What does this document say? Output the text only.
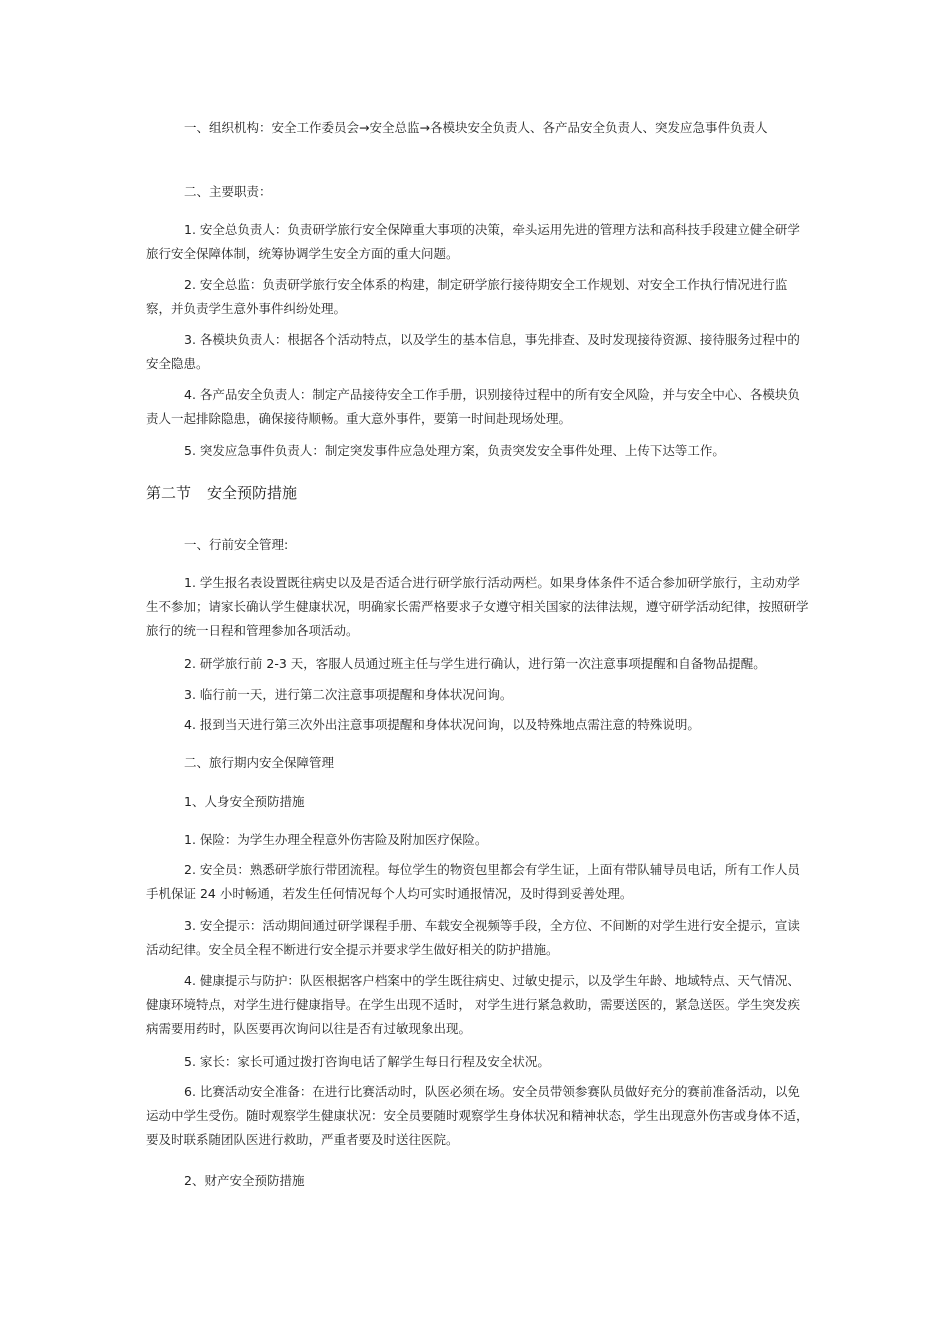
一、组织机构：安全工作委员会→安全总监→各模块安全负责人、各产品安全负责人、突发应急事件负责人

二、主要职责：

1. 安全总负责人：负责研学旅行安全保障重大事项的决策，牵头运用先进的管理方法和高科技手段建立健全研学旅行安全保障体制，统筹协调学生安全方面的重大问题。

2. 安全总监：负责研学旅行安全体系的构建，制定研学旅行接待期安全工作规划、对安全工作执行情况进行监察，并负责学生意外事件纠纷处理。

3. 各模块负责人：根据各个活动特点，以及学生的基本信息，事先排查、及时发现接待资源、接待服务过程中的安全隐患。

4. 各产品安全负责人：制定产品接待安全工作手册，识别接待过程中的所有安全风险，并与安全中心、各模块负责人一起排除隐患，确保接待顺畅。重大意外事件，要第一时间赴现场处理。

5. 突发应急事件负责人：制定突发事件应急处理方案，负责突发安全事件处理、上传下达等工作。

第二节 安全预防措施

一、行前安全管理:

1. 学生报名表设置既往病史以及是否适合进行研学旅行活动两栏。如果身体条件不适合参加研学旅行，主动劝学生不参加；请家长确认学生健康状况，明确家长需严格要求子女遵守相关国家的法律法规，遵守研学活动纪律，按照研学旅行的统一日程和管理参加各项活动。

2. 研学旅行前 2-3 天，客服人员通过班主任与学生进行确认，进行第一次注意事项提醒和自备物品提醒。

3. 临行前一天，进行第二次注意事项提醒和身体状况问询。

4. 报到当天进行第三次外出注意事项提醒和身体状况问询，以及特殊地点需注意的特殊说明。

二、旅行期内安全保障管理

1、人身安全预防措施

1. 保险：为学生办理全程意外伤害险及附加医疗保险。

2. 安全员：熟悉研学旅行带团流程。每位学生的物资包里都会有学生证，上面有带队辅导员电话，所有工作人员手机保证 24 小时畅通，若发生任何情况每个人均可实时通报情况，及时得到妥善处理。

3. 安全提示：活动期间通过研学课程手册、车载安全视频等手段，全方位、不间断的对学生进行安全提示，宣读活动纪律。安全员全程不断进行安全提示并要求学生做好相关的防护措施。

4. 健康提示与防护：队医根据客户档案中的学生既往病史、过敏史提示，以及学生年龄、地域特点、天气情况、健康环境特点，对学生进行健康指导。在学生出现不适时， 对学生进行紧急救助，需要送医的，紧急送医。学生突发疾病需要用药时，队医要再次询问以往是否有过敏现象出现。

5. 家长：家长可通过拨打咨询电话了解学生每日行程及安全状况。

6. 比赛活动安全准备：在进行比赛活动时，队医必须在场。安全员带领参赛队员做好充分的赛前准备活动，以免运动中学生受伤。随时观察学生健康状况：安全员要随时观察学生身体状况和精神状态，学生出现意外伤害或身体不适，要及时联系随团队医进行救助，严重者要及时送往医院。

2、财产安全预防措施
